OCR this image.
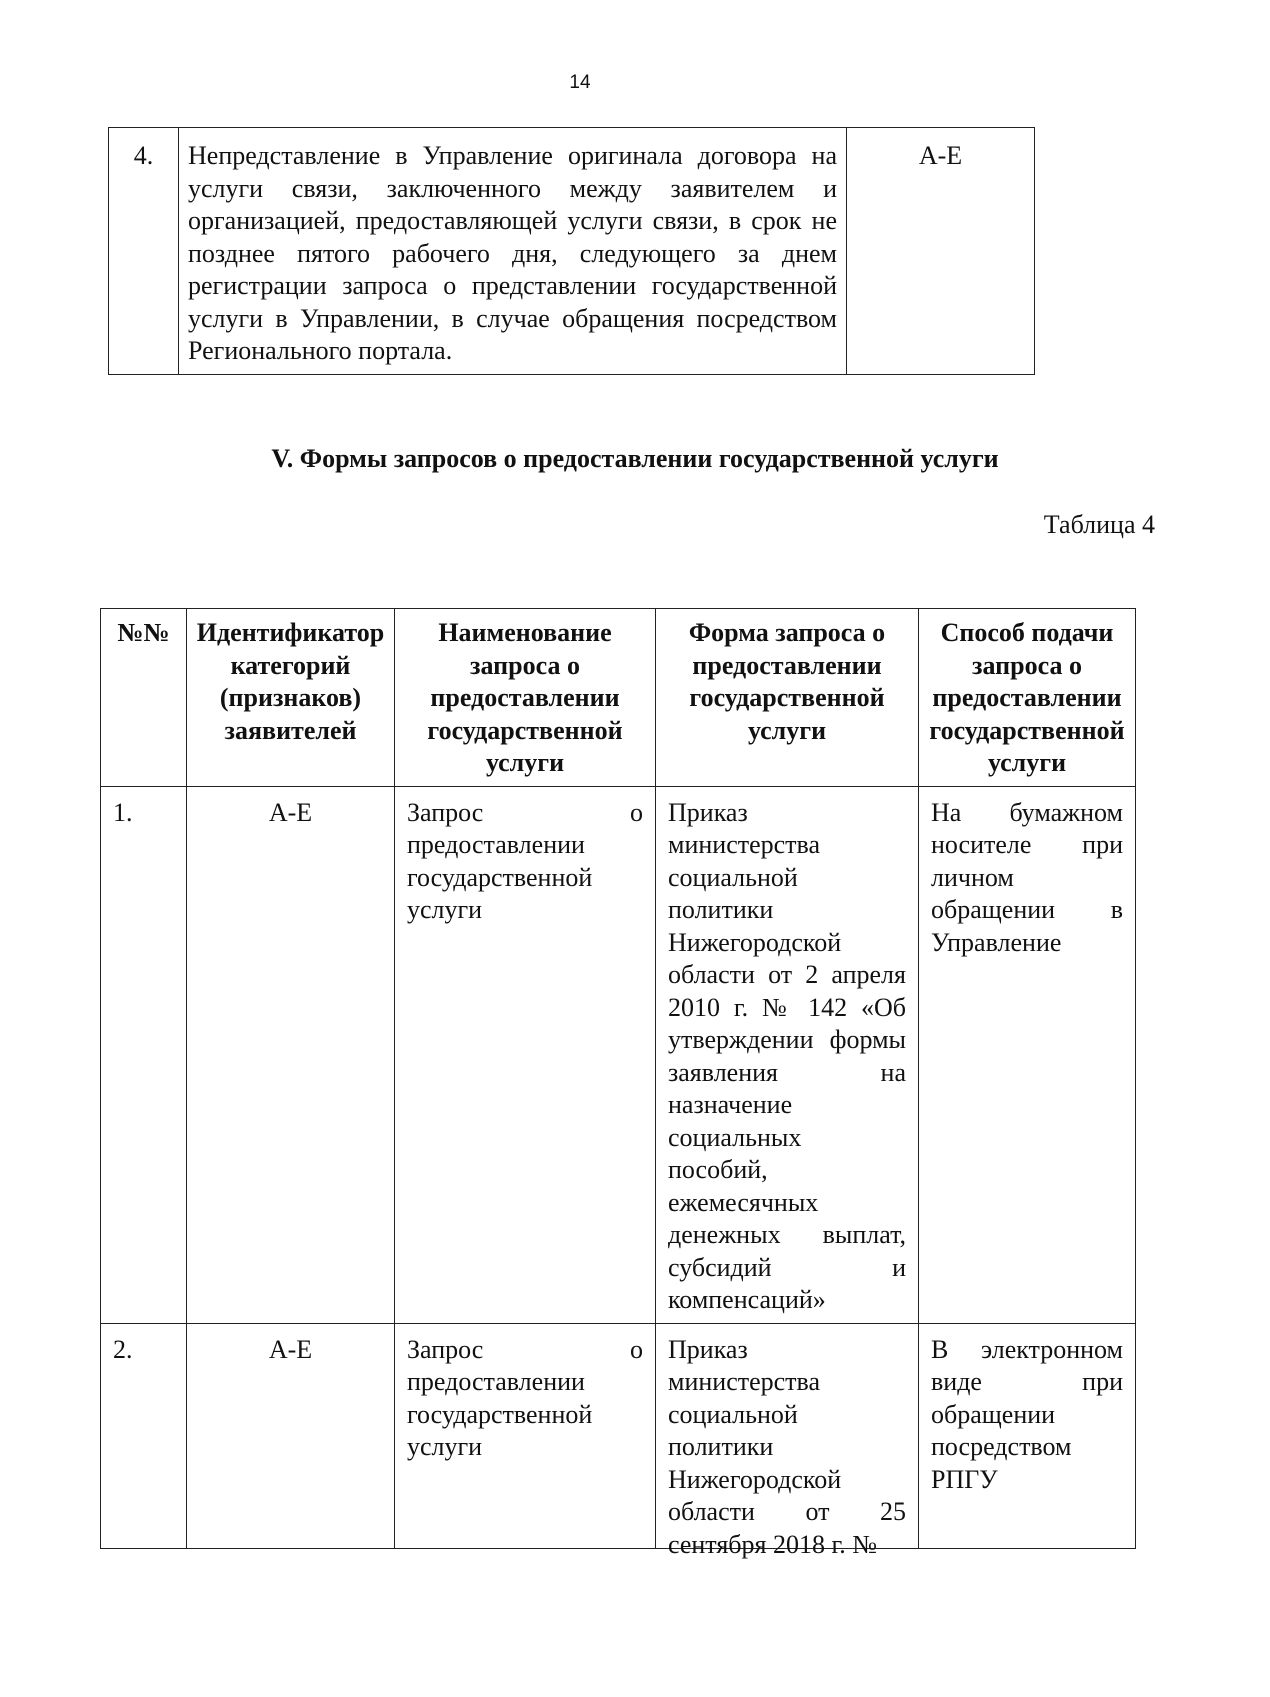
14
4.	Непредставление в Управление оригинала договора на услуги связи, заключенного между заявителем и организацией, предоставляющей услуги связи, в срок не позднее пятого рабочего дня, следующего за днем регистрации запроса о представлении государственной услуги в Управлении, в случае обращения посредством Регионального портала.	А-Е
V. Формы запросов о предоставлении государственной услуги
Таблица 4
№№	Идентификатор категорий (признаков) заявителей	Наименование запроса о предоставлении государственной услуги	Форма запроса о предоставлении государственной услуги	Способ подачи запроса о предоставлении государственной услуги
1.	А-Е	Запрос о предоставлении государственной услуги	Приказ министерства социальной политики Нижегородской области от 2 апреля 2010 г. № 142 «Об утверждении формы заявления на назначение социальных пособий, ежемесячных денежных выплат, субсидий и компенсаций»	На бумажном носителе при личном обращении в Управление

2.	А-Е	Запрос о предоставлении государственной услуги	Приказ министерства социальной политики Нижегородской области от 25 сентября 2018 г. №	В электронном виде при обращении посредством РПГУ
